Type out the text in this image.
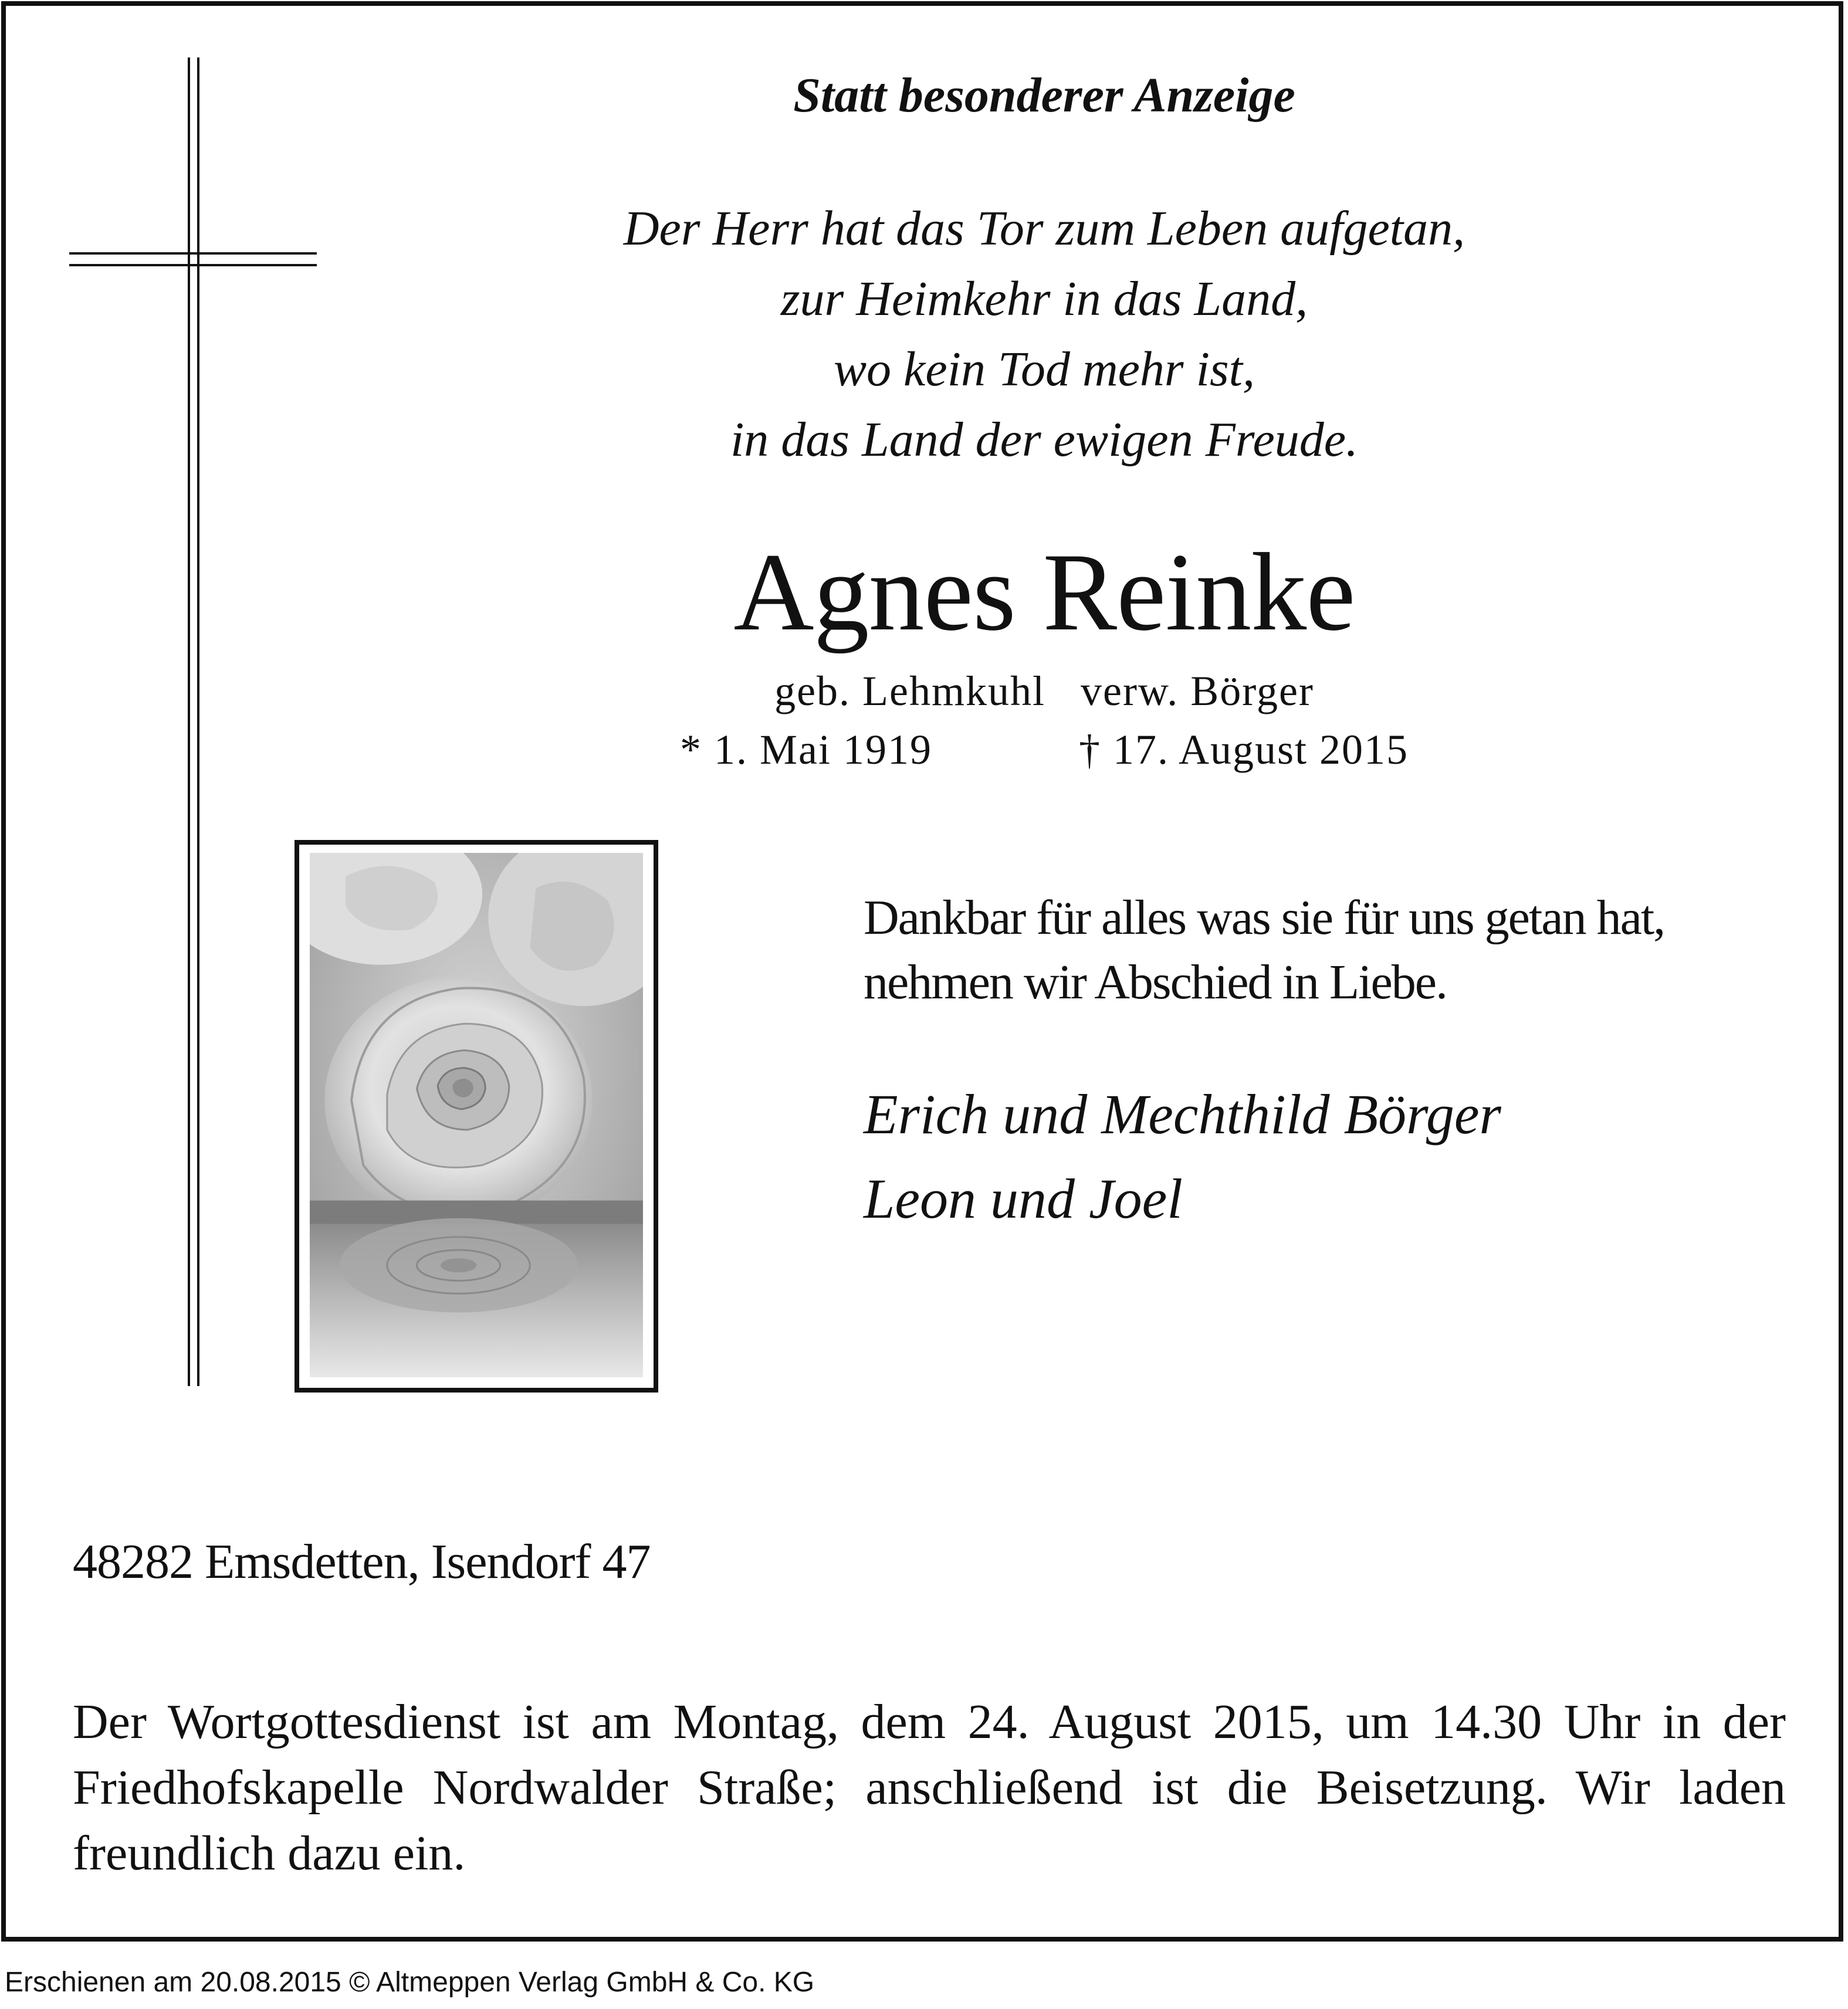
Statt besonderer Anzeige
Der Herr hat das Tor zum Leben aufgetan,
zur Heimkehr in das Land,
wo kein Tod mehr ist,
in das Land der ewigen Freude.
Agnes Reinke
geb. Lehmkuhl verw. Börger
* 1. Mai 1919	† 17. August 2015
Dankbar für alles was sie für uns getan hat,
nehmen wir Abschied in Liebe.
Erich und Mechthild Börger
Leon und Joel
48282 Emsdetten, Isendorf 47
Der Wortgottesdienst ist am Montag, dem 24. August 2015, um 14.30 Uhr in der
Friedhofskapelle Nordwalder Straße; anschließend ist die Beisetzung. Wir laden
freundlich dazu ein.
Erschienen am 20.08.2015 © Altmeppen Verlag GmbH & Co. KG
